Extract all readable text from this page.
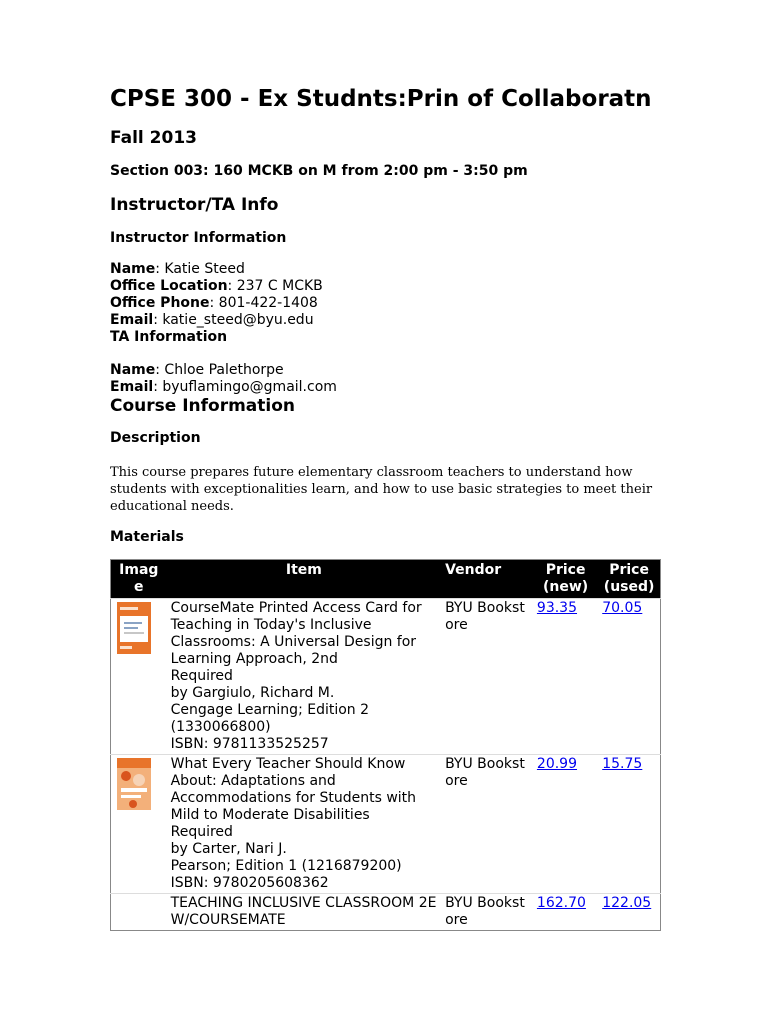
CPSE 300 - Ex Studnts:Prin of Collaboratn
Fall 2013
Section 003: 160 MCKB on M from 2:00 pm - 3:50 pm
Instructor/TA Info
Instructor Information
Name: Katie Steed
Office Location: 237 C MCKB
Office Phone: 801-422-1408
Email: katie_steed@byu.edu
TA Information
Name: Chloe Palethorpe
Email: byuflamingo@gmail.com
Course Information
Description
This course prepares future elementary classroom teachers to understand how students with exceptionalities learn, and how to use basic strategies to meet their educational needs.
Materials
Image	Item	Vendor	Price (new)	Price (used)

CourseMate Printed Access Card for Teaching in Today's Inclusive Classrooms: A Universal Design for Learning Approach, 2nd
Required
by Gargiulo, Richard M.
Cengage Learning; Edition 2 (1330066800)
ISBN: 9781133525257	BYU Bookstore	93.35	70.05

What Every Teacher Should Know About: Adaptations and Accommodations for Students with Mild to Moderate Disabilities
Required
by Carter, Nari J.
Pearson; Edition 1 (1216879200)
ISBN: 9780205608362	BYU Bookstore	20.99	15.75

	TEACHING INCLUSIVE CLASSROOM 2E W/COURSEMATE	BYU Bookstore	162.70	122.05
